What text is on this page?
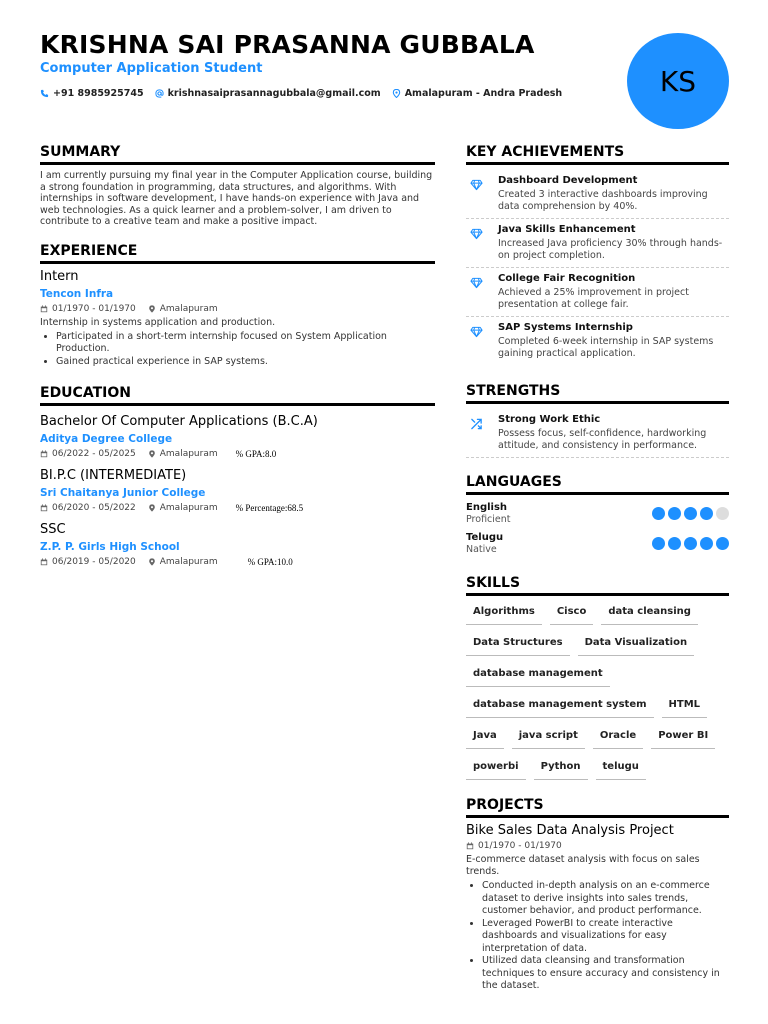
KRISHNA SAI PRASANNA GUBBALA
Computer Application Student
+91 8985925745	krishnasaiprasannagubbala@gmail.com	Amalapuram - Andra Pradesh	KS
SUMMARY
I am currently pursuing my final year in the Computer Application course, building a strong foundation in programming, data structures, and algorithms. With internships in software development, I have hands-on experience with Java and web technologies. As a quick learner and a problem-solver, I am driven to contribute to a creative team and make a positive impact.
EXPERIENCE
Intern
Tencon Infra
01/1970 - 01/1970	Amalapuram
Internship in systems application and production.
• Participated in a short-term internship focused on System Application Production.
• Gained practical experience in SAP systems.
EDUCATION
Bachelor Of Computer Applications (B.C.A)
Aditya Degree College
06/2022 - 05/2025	Amalapuram % GPA:8.0
BI.P.C (INTERMEDIATE)
Sri Chaitanya Junior College
06/2020 - 05/2022	Amalapuram % Percentage:68.5
SSC
Z.P. P. Girls High School
06/2019 - 05/2020	Amalapuram	% GPA:10.0
KEY ACHIEVEMENTS
Dashboard Development
Created 3 interactive dashboards improving data comprehension by 40%.
Java Skills Enhancement
Increased Java proficiency 30% through hands-on project completion.
College Fair Recognition
Achieved a 25% improvement in project presentation at college fair.
SAP Systems Internship
Completed 6-week internship in SAP systems gaining practical application.
STRENGTHS
Strong Work Ethic
Possess focus, self-confidence, hardworking attitude, and consistency in performance.
LANGUAGES
English
Proficient
Telugu
Native
SKILLS
Algorithms	Cisco	data cleansing
Data Structures	Data Visualization
database management
database management system	HTML
Java	java script	Oracle	Power BI
powerbi	Python	telugu
PROJECTS
Bike Sales Data Analysis Project
01/1970 - 01/1970
E-commerce dataset analysis with focus on sales trends.
• Conducted in-depth analysis on an e-commerce dataset to derive insights into sales trends, customer behavior, and product performance.
• Leveraged PowerBI to create interactive dashboards and visualizations for easy interpretation of data.
• Utilized data cleansing and transformation techniques to ensure accuracy and consistency in the dataset.
